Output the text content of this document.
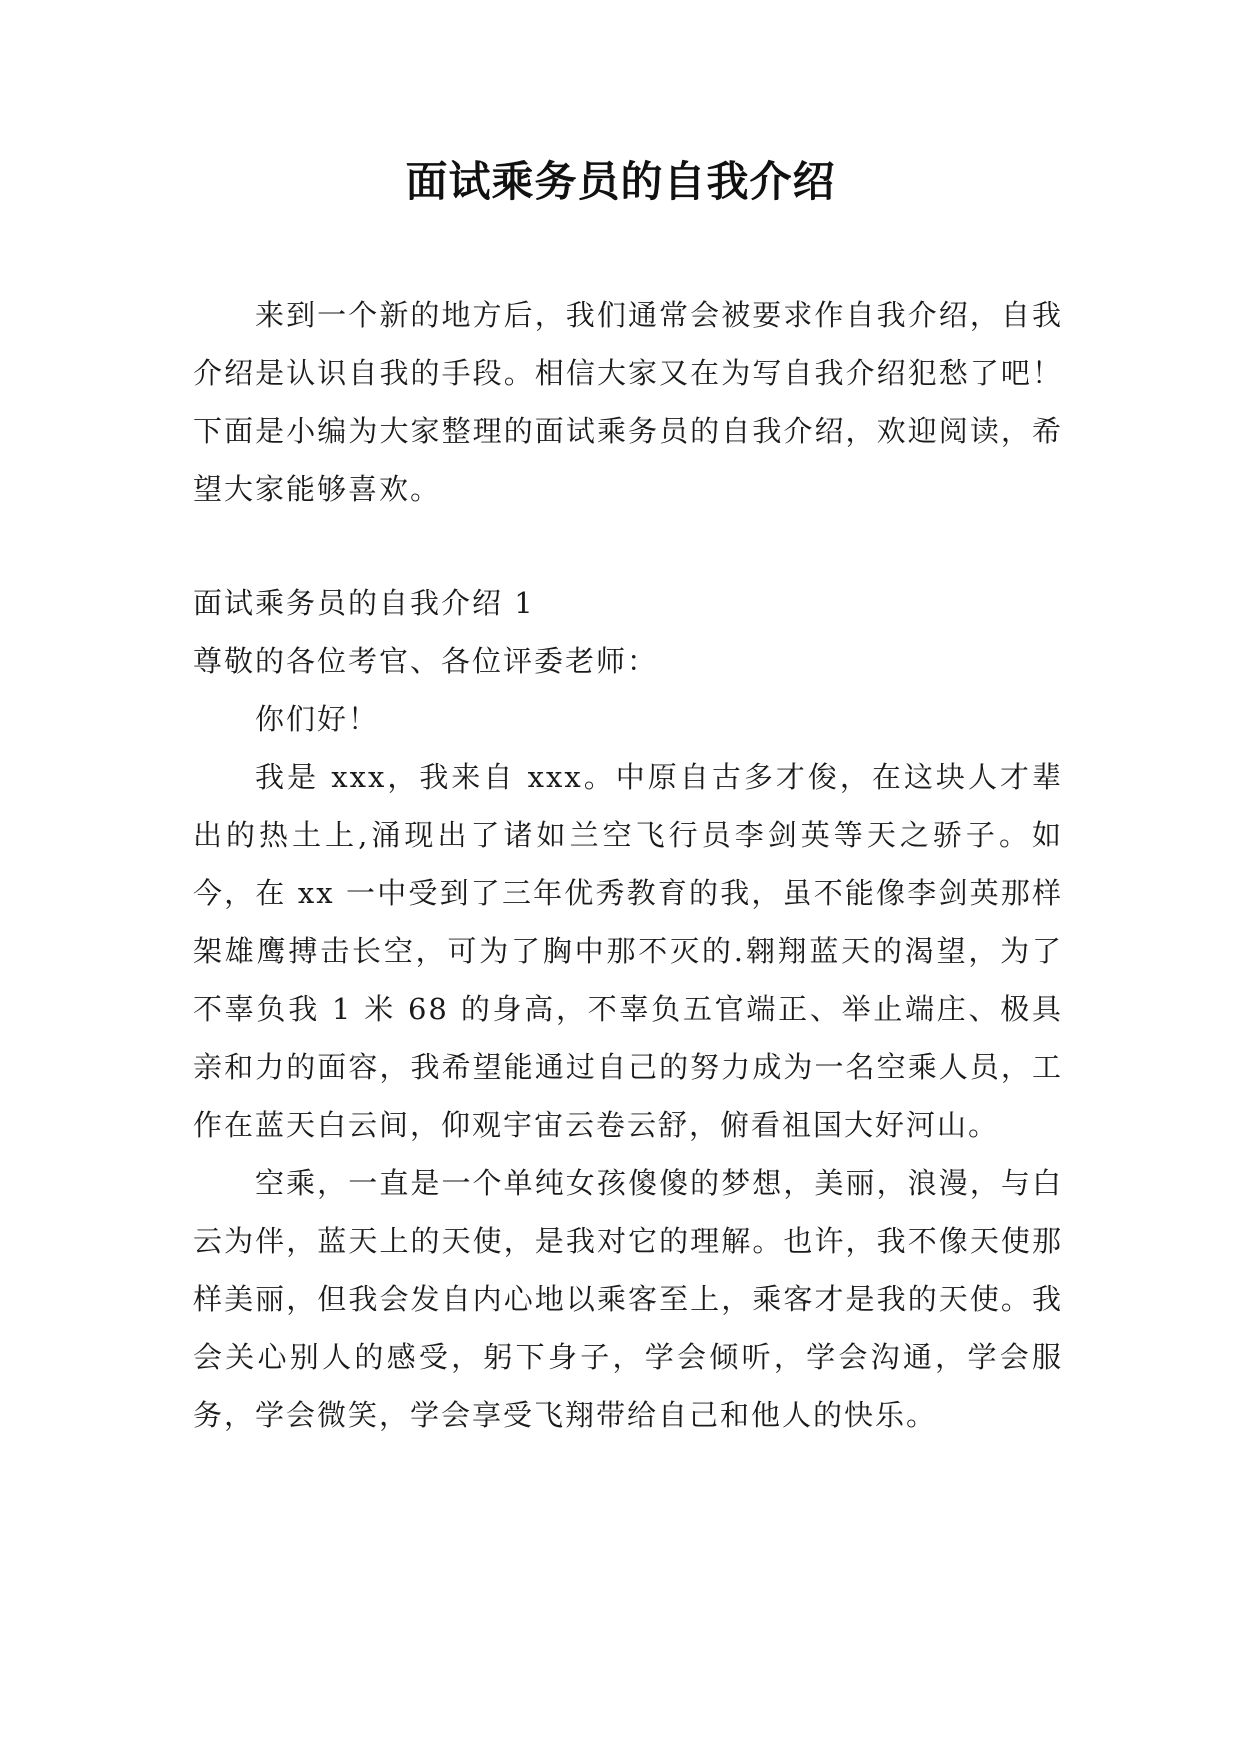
面试乘务员的自我介绍

来到一个新的地方后，我们通常会被要求作自我介绍，自我介绍是认识自我的手段。相信大家又在为写自我介绍犯愁了吧！下面是小编为大家整理的面试乘务员的自我介绍，欢迎阅读，希望大家能够喜欢。

面试乘务员的自我介绍 1

尊敬的各位考官、各位评委老师：

你们好！

我是 xxx，我来自 xxx。中原自古多才俊，在这块人才辈出的热土上,涌现出了诸如兰空飞行员李剑英等天之骄子。如今，在 xx 一中受到了三年优秀教育的我，虽不能像李剑英那样架雄鹰搏击长空，可为了胸中那不灭的.翱翔蓝天的渴望，为了不辜负我 1 米 68 的身高，不辜负五官端正、举止端庄、极具亲和力的面容，我希望能通过自己的努力成为一名空乘人员，工作在蓝天白云间，仰观宇宙云卷云舒，俯看祖国大好河山。

空乘，一直是一个单纯女孩傻傻的梦想，美丽，浪漫，与白云为伴，蓝天上的天使，是我对它的理解。也许，我不像天使那样美丽，但我会发自内心地以乘客至上，乘客才是我的天使。我会关心别人的感受，躬下身子，学会倾听，学会沟通，学会服务，学会微笑，学会享受飞翔带给自己和他人的快乐。
